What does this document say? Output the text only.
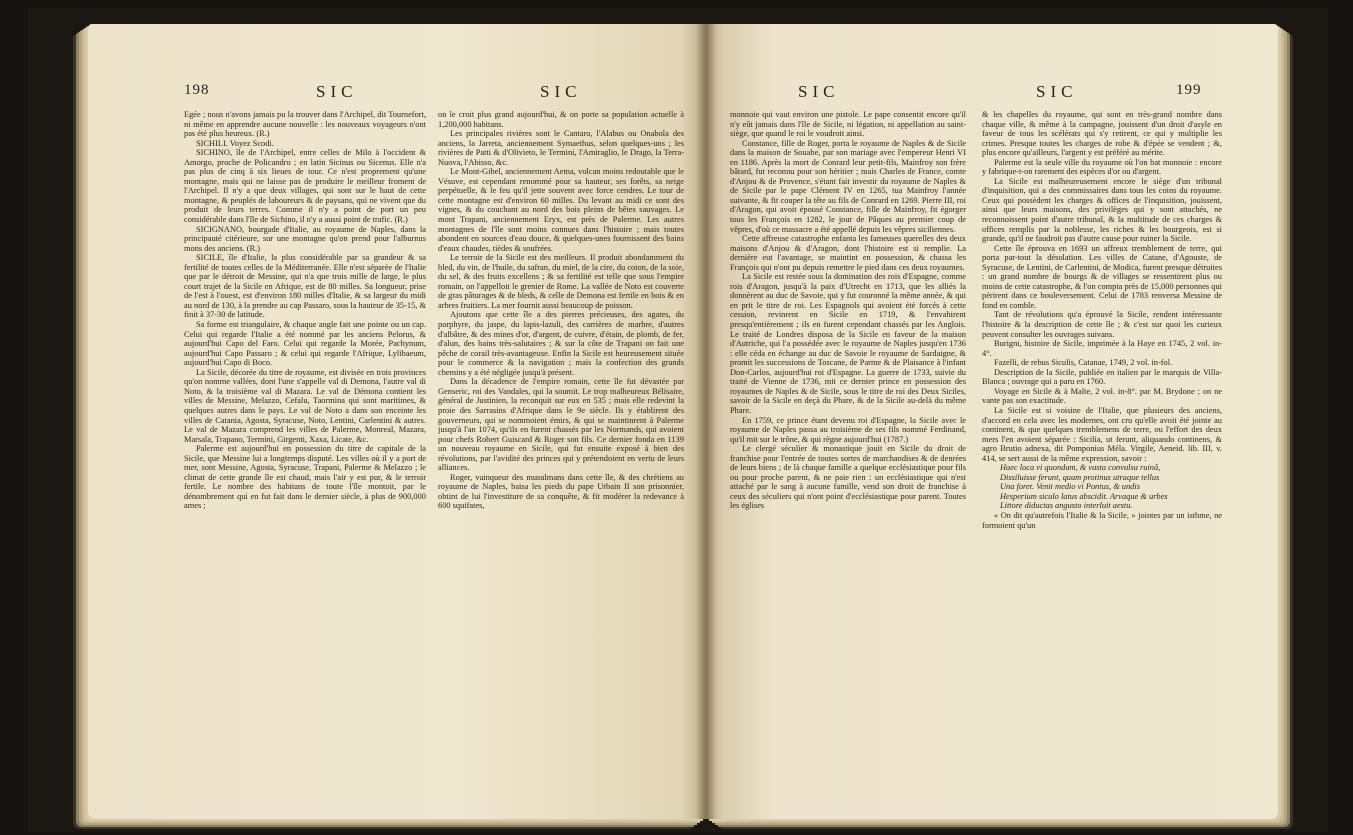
198	SIC	SIC

Egée ; nous n'avons jamais pu la trouver dans l'Archipel, dit Tournefort, ni même en apprendre aucune nouvelle : les nouveaux voyageurs n'ont pas été plus heureux. (R.)

SICHILI. Voyez Scodi.

SICHINO, île de l'Archipel, entre celles de Milo à l'occident & Amorgo, proche de Policandro ; en latin Sicinus ou Sicenus. Elle n'a pas plus de cinq à six lieues de tour. Ce n'est proprement qu'une montagne, mais qui ne laisse pas de produire le meilleur froment de l'Archipel. Il n'y a que deux villages, qui sont sur le haut de cette montagne, & peuplés de laboureurs & de paysans, qui ne vivent que du produit de leurs terres. Comme il n'y a point de port un peu considérable dans l'île de Sichino, il n'y a aussi point de trafic. (R.)

SICIGNANO, bourgade d'Italie, au royaume de Naples, dans la principauté citérieure, sur une montagne qu'on prend pour l'alburnus mons des anciens. (R.)

SICILE, île d'Italie, la plus considérable par sa grandeur & sa fertilité de toutes celles de la Méditerranée. Elle n'est séparée de l'Italie que par le détroit de Messine, qui n'a que trois mille de large, le plus court trajet de la Sicile en Afrique, est de 80 milles. Sa longueur, prise de l'est à l'ouest, est d'environ 180 milles d'Italie, & sa largeur du midi au nord de 130, à la prendre au cap Passaro, sous la hauteur de 35-15, & finit à 37-30 de latitude.

Sa forme est triangulaire, & chaque angle fait une pointe ou un cap. Celui qui regarde l'Italie a été nommé par les anciens Pelorus, & aujourd'hui Capo del Faro. Celui qui regarde la Morée, Pachynum, aujourd'hui Capo Passaro ; & celui qui regarde l'Afrique, Lylibaeum, aujourd'hui Capo di Boco.

La Sicile, décorée du titre de royaume, est divisée en trois provinces qu'on nomme vallées, dont l'une s'appelle val di Demona, l'autre val di Noto, & la troisième val di Mazara. Le val de Démona contient les villes de Messine, Melazzo, Cefalu, Taormina qui sont maritimes, & quelques autres dans le pays. Le val de Noto a dans son enceinte les villes de Catania, Agosta, Syracuse, Noto, Lentini, Carlentini & autres. Le val de Mazara comprend les villes de Palerme, Monreal, Mazara, Marsala, Trapano, Termini, Girgenti, Xaxa, Licate, &c.

Palerme est aujourd'hui en possession du titre de capitale de la Sicile, que Messine lui a longtemps disputé. Les villes où il y a port de mer, sont Messine, Agosta, Syracuse, Trapani, Palerme & Melazzo ; le climat de cette grande île est chaud, mais l'air y est pur, & le terroir fertile. Le nombre des habitans de toute l'île montoit, par le dénombrement qui en fut fait dans le dernier siècle, à plus de 900,000 ames ;

on le croit plus grand aujourd'hui, & on porte sa population actuelle à 1,200,000 habitans.

Les principales rivières sont le Cantaro, l'Alabus ou Onabola des anciens, la Jarreta, anciennement Symaethus, selon quelques-uns ; les rivières de Patti & d'Olivieto, le Termini, l'Amiraglio, le Drago, la Terra-Nuova, l'Abisso, &c.

Le Mont-Gibel, anciennement Aetna, volcan moins redoutable que le Vésuve, est cependant renommé pour sa hauteur, ses forêts, sa neige perpétuelle, & le feu qu'il jette souvent avec force cendres. Le tour de cette montagne est d'environ 60 milles. Du levant au midi ce sont des vignes, & du couchant au nord des bois pleins de bêtes sauvages. Le mont Trapani, anciennement Eryx, est près de Palerme. Les autres montagnes de l'île sont moins connues dans l'histoire ; mais toutes abondent en sources d'eau douce, & quelques-unes fournissent des bains d'eaux chaudes, tièdes & soufrées.

Le terroir de la Sicile est des meilleurs. Il produit abondamment du bled, du vin, de l'huile, du safran, du miel, de la cire, du coton, de la soie, du sel, & des fruits excellens ; & sa fertilité est telle que sous l'empire romain, on l'appelloit le grenier de Rome. La vallée de Noto est couverte de gras pâturages & de bleds, & celle de Demona est fertile en bois & en arbres fruitiers. La mer fournit aussi beaucoup de poisson.

Ajoutons que cette île a des pierres précieuses, des agates, du porphyre, du jaspe, du lapis-lazuli, des carrières de marbre, d'autres d'albâtre, & des mines d'or, d'argent, de cuivre, d'étain, de plomb, de fer, d'alun, des bains très-salutaires ; & sur la côte de Trapani on fait une pêche de corail très-avantageuse. Enfin la Sicile est heureusement située pour le commerce & la navigation ; mais la confection des grands chemins y a été négligée jusqu'à présent.

Dans la décadence de l'empire romain, cette île fut dévastée par Genseric, roi des Vandales, qui la soumit. Le trop malheureux Bélisaire, général de Justinien, la reconquit sur eux en 535 ; mais elle redevint la proie des Sarrasins d'Afrique dans le 9e siècle. Ils y établirent des gouverneurs, qui se nommoient émirs, & qui se maintinrent à Palerme jusqu'à l'an 1074, qu'ils en furent chassés par les Normands, qui avoient pour chefs Robert Guiscard & Roger son fils. Ce dernier fonda en 1139 un nouveau royaume en Sicile, qui fut ensuite exposé à bien des révolutions, par l'avidité des princes qui y prétendoient en vertu de leurs alliances.

Roger, vainqueur des musulmans dans cette île, & des chrétiens au royaume de Naples, baisa les pieds du pape Urbain II son prisonnier, obtint de lui l'investiture de sa conquête, & fit modérer la redevance à 600 squifates,

SIC	SIC	199

monnoie qui vaut environ une pistole. Le pape consentit encore qu'il n'y eût jamais dans l'île de Sicile, ni légation, ni appellation au saint-siège, que quand le roi le voudroit ainsi.

Constance, fille de Roger, porta le royaume de Naples & de Sicile dans la maison de Souabe, par son mariage avec l'empereur Henri VI en 1186. Après la mort de Conrard leur petit-fils, Mainfroy son frère bâtard, fut reconnu pour son héritier ; mais Charles de France, comte d'Anjou & de Provence, s'étant fait investir du royaume de Naples & de Sicile par le pape Clément IV en 1265, tua Mainfroy l'année suivante, & fit couper la tête au fils de Conrard en 1269. Pierre III, roi d'Aragon, qui avoit épousé Constance, fille de Mainfroy, fit égorger tous les François en 1282, le jour de Pâques au premier coup de vêpres, d'où ce massacre a été appellé depuis les vêpres siciliennes.

Cette affreuse catastrophe enfanta les fameuses querelles des deux maisons d'Anjou & d'Aragon, dont l'histoire est si remplie. La dernière eut l'avantage, se maintint en possession, & chassa les François qui n'ont pu depuis remettre le pied dans ces deux royaumes.

La Sicile est restée sous la domination des rois d'Espagne, comme rois d'Aragon, jusqu'à la paix d'Utrecht en 1713, que les alliés la donnèrent au duc de Savoie, qui y fut couronné la même année, & qui en prit le titre de roi. Les Espagnols qui avoient été forcés à cette cession, revinrent en Sicile en 1719, & l'envahirent presqu'entièrement ; ils en furent cependant chassés par les Anglois. Le traité de Londres disposa de la Sicile en faveur de la maison d'Autriche, qui l'a possédée avec le royaume de Naples jusqu'en 1736 : elle céda en échange au duc de Savoie le royaume de Sardaigne, & promit les successions de Toscane, de Parme & de Plaisance à l'infant Don-Carlos, aujourd'hui roi d'Espagne. La guerre de 1733, suivie du traité de Vienne de 1736, mit ce dernier prince en possession des royaumes de Naples & de Sicile, sous le titre de roi des Deux Siciles, savoir de la Sicile en deçà du Phare, & de la Sicile au-delà du même Phare.

En 1759, ce prince étant devenu roi d'Espagne, la Sicile avec le royaume de Naples passa au troisième de ses fils nommé Ferdinand, qu'il mit sur le trône, & qui règne aujourd'hui (1787.)

Le clergé séculier & monastique jouit en Sicile du droit de franchise pour l'entrée de toutes sortes de marchandises & de denrées de leurs biens ; de là chaque famille a quelque ecclésiastique pour fils ou pour proche parent, & ne paie rien : un ecclésiastique qui n'est attaché par le sang à aucune famille, vend son droit de franchise à ceux des séculiers qui n'ont point d'ecclésiastique pour parent. Toutes les églises

& les chapelles du royaume, qui sont en très-grand nombre dans chaque ville, & même à la campagne, jouissent d'un droit d'asyle en faveur de tous les scélérats qui s'y retirent, ce qui y multiplie les crimes. Presque toutes les charges de robe & d'épée se vendent ; &, plus encore qu'ailleurs, l'argent y est préféré au mérite.

Palerme est la seule ville du royaume où l'on bat monnoie : encore y fabrique-t-on rarement des espèces d'or ou d'argent.

La Sicile est malheureusement encore le siège d'un tribunal d'inquisition, qui a des commissaires dans tous les coins du royaume. Ceux qui possèdent les charges & offices de l'inquisition, jouissent, ainsi que leurs maisons, des privilèges qui y sont attachés, ne reconnoissent point d'autre tribunal, & la multitude de ces charges & offices remplis par la noblesse, les riches & les bourgeois, est si grande, qu'il ne faudroit pas d'autre cause pour ruiner la Sicile.

Cette île éprouva en 1693 un affreux tremblement de terre, qui porta par-tout la désolation. Les villes de Catane, d'Agouste, de Syracuse, de Lentini, de Carlentini, de Modica, furent presque détruites : un grand nombre de bourgs & de villages se ressentirent plus ou moins de cette catastrophe, & l'on compta près de 15,000 personnes qui périrent dans ce bouleversement. Celui de 1783 renversa Messine de fond en comble.

Tant de révolutions qu'a éprouvé la Sicile, rendent intéressante l'histoire & la description de cette île ; & c'est sur quoi les curieux peuvent consulter les ouvrages suivans.

Burigni, histoire de Sicile, imprimée à la Haye en 1745, 2 vol. in-4°.

Fazelli, de rebus Siculis, Catanae, 1749, 2 vol. in-fol.

Description de la Sicile, publiée en italien par le marquis de Villa-Blanca ; ouvrage qui a paru en 1760.

Voyage en Sicile & à Malte, 2 vol. in-8°. par M. Brydone ; on ne vante pas son exactitude.

La Sicile est si voisine de l'Italie, que plusieurs des anciens, d'accord en cela avec les modernes, ont cru qu'elle avoit été jointe au continent, & que quelques tremblemens de terre, ou l'effort des deux mers l'en avoient séparée : Sicilia, ut ferunt, aliquando continens, & agro Brutio adnexa, dit Pomponius Méla. Virgile, Aeneid. lib. III, v. 414, se sert aussi de la même expression, savoir :

Haec loca vi quondam, & vasta convulsa ruinâ,

Dissiluisse ferunt, quum protinus utraque tellus

Una foret. Venit medio vi Pontus, & undis

Hesperium siculo latus abscidit. Arvaque & urbes

Littore diductas angusto interluit aestu.

« On dit qu'autrefois l'Italie & la Sicile, » jointes par un isthme, ne formoient qu'un
